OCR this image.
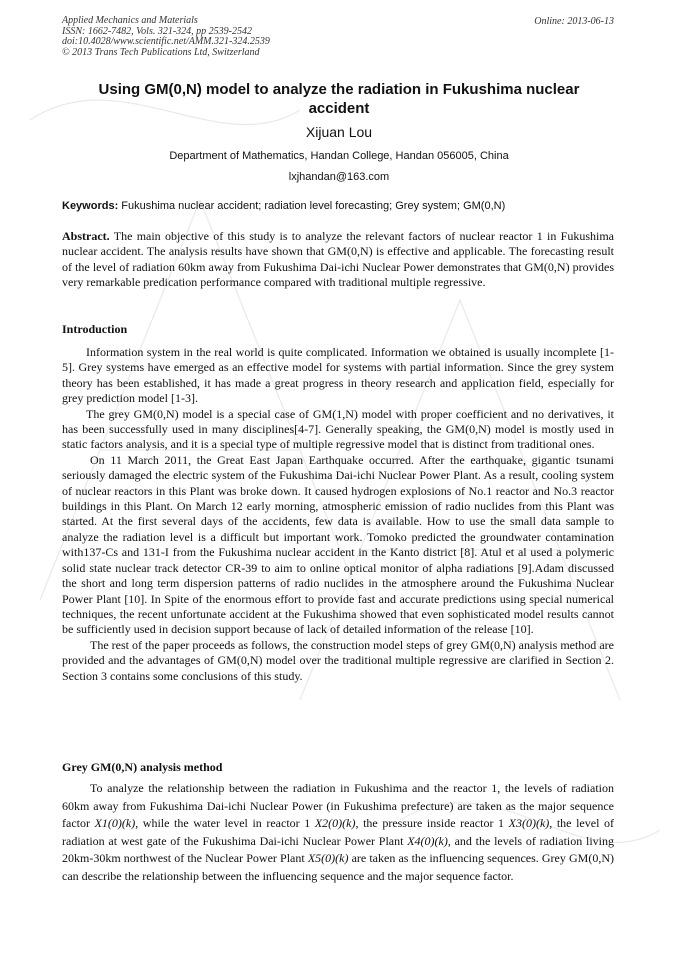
Applied Mechanics and Materials
ISSN: 1662-7482, Vols. 321-324, pp 2539-2542
doi:10.4028/www.scientific.net/AMM.321-324.2539
© 2013 Trans Tech Publications Ltd, Switzerland
Online: 2013-06-13
Using GM(0,N) model to analyze the radiation in Fukushima nuclear accident
Xijuan Lou
Department of Mathematics, Handan College, Handan 056005, China
lxjhandan@163.com
Keywords: Fukushima nuclear accident; radiation level forecasting; Grey system; GM(0,N)

Abstract. The main objective of this study is to analyze the relevant factors of nuclear reactor 1 in Fukushima nuclear accident. The analysis results have shown that GM(0,N) is effective and applicable. The forecasting result of the level of radiation 60km away from Fukushima Dai-ichi Nuclear Power demonstrates that GM(0,N) provides very remarkable predication performance compared with traditional multiple regressive.

Introduction

Information system in the real world is quite complicated. Information we obtained is usually incomplete [1-5]. Grey systems have emerged as an effective model for systems with partial information. Since the grey system theory has been established, it has made a great progress in theory research and application field, especially for grey prediction model [1-3].

The grey GM(0,N) model is a special case of GM(1,N) model with proper coefficient and no derivatives, it has been successfully used in many disciplines[4-7]. Generally speaking, the GM(0,N) model is mostly used in static factors analysis, and it is a special type of multiple regressive model that is distinct from traditional ones.

On 11 March 2011, the Great East Japan Earthquake occurred. After the earthquake, gigantic tsunami seriously damaged the electric system of the Fukushima Dai-ichi Nuclear Power Plant. As a result, cooling system of nuclear reactors in this Plant was broke down. It caused hydrogen explosions of No.1 reactor and No.3 reactor buildings in this Plant. On March 12 early morning, atmospheric emission of radio nuclides from this Plant was started. At the first several days of the accidents, few data is available. How to use the small data sample to analyze the radiation level is a difficult but important work. Tomoko predicted the groundwater contamination with137-Cs and 131-I from the Fukushima nuclear accident in the Kanto district [8]. Atul et al used a polymeric solid state nuclear track detector CR-39 to aim to online optical monitor of alpha radiations [9].Adam discussed the short and long term dispersion patterns of radio nuclides in the atmosphere around the Fukushima Nuclear Power Plant [10]. In Spite of the enormous effort to provide fast and accurate predictions using special numerical techniques, the recent unfortunate accident at the Fukushima showed that even sophisticated model results cannot be sufficiently used in decision support because of lack of detailed information of the release [10].

The rest of the paper proceeds as follows, the construction model steps of grey GM(0,N) analysis method are provided and the advantages of GM(0,N) model over the traditional multiple regressive are clarified in Section 2. Section 3 contains some conclusions of this study.

Grey GM(0,N) analysis method

To analyze the relationship between the radiation in Fukushima and the reactor 1, the levels of radiation 60km away from Fukushima Dai-ichi Nuclear Power (in Fukushima prefecture) are taken as the major sequence factor X1(0)(k), while the water level in reactor 1 X2(0)(k), the pressure inside reactor 1 X3(0)(k), the level of radiation at west gate of the Fukushima Dai-ichi Nuclear Power Plant X4(0)(k), and the levels of radiation living 20km-30km northwest of the Nuclear Power Plant X5(0)(k) are taken as the influencing sequences. Grey GM(0,N) can describe the relationship between the influencing sequence and the major sequence factor.
